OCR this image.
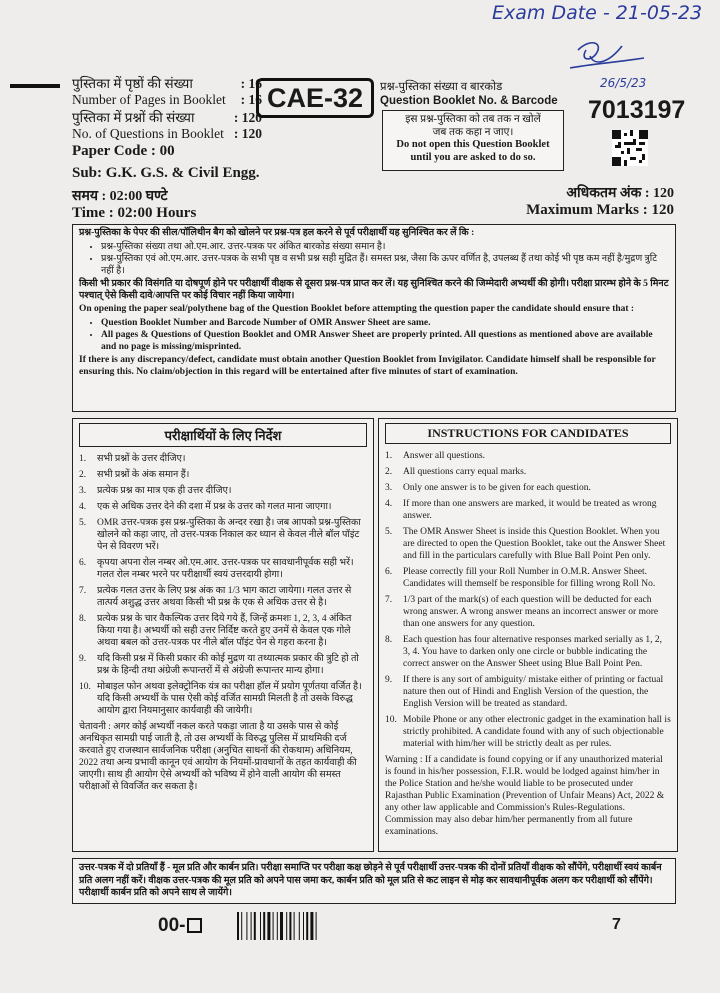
Exam Date - 21-05-23
26/5/23
पुस्तिका में पृष्ठों की संख्या	: 16
Number of Pages in Booklet : 16
पुस्तिका में प्रश्नों की संख्या	: 120
No. of Questions in Booklet : 120
Paper Code : 00
Sub: G.K. G.S. & Civil Engg.
समय : 02:00 घण्टे
Time : 02:00 Hours
CAE-32	प्रश्न-पुस्तिका संख्या व बारकोड
Question Booklet No. & Barcode 7013197
इस प्रश्न-पुस्तिका को तब तक न खोलें
जब तक कहा न जाए।
Do not open this Question Booklet
until you are asked to do so.
अधिकतम अंक : 120
Maximum Marks : 120
प्रश्न-पुस्तिका के पेपर की सील/पॉलिथीन बैग को खोलने पर प्रश्न-पत्र हल करने से पूर्व परीक्षार्थी यह सुनिश्चित कर लें कि :
• प्रश्न-पुस्तिका संख्या तथा ओ.एम.आर. उत्तर-पत्रक पर अंकित बारकोड संख्या समान है।
• प्रश्न-पुस्तिका एवं ओ.एम.आर. उत्तर-पत्रक के सभी पृष्ठ व सभी प्रश्न सही मुद्रित हैं। समस्त प्रश्न, जैसा कि ऊपर वर्णित है, उपलब्ध हैं तथा कोई भी पृष्ठ कम नहीं है/मुद्रण त्रुटि नहीं है।
किसी भी प्रकार की विसंगति या दोषपूर्ण होने पर परीक्षार्थी वीक्षक से दूसरा प्रश्न-पत्र प्राप्त कर लें। यह सुनिश्चित करने की जिम्मेदारी अभ्यर्थी की होगी। परीक्षा प्रारम्भ होने के 5 मिनट पश्चात् ऐसे किसी दावे/आपत्ति पर कोई विचार नहीं किया जायेगा।
On opening the paper seal/polythene bag of the Question Booklet before attempting the question paper the candidate should ensure that :
• Question Booklet Number and Barcode Number of OMR Answer Sheet are same.
• All pages & Questions of Question Booklet and OMR Answer Sheet are properly printed. All questions as mentioned above are available and no page is missing/misprinted.
If there is any discrepancy/defect, candidate must obtain another Question Booklet from Invigilator. Candidate himself shall be responsible for ensuring this. No claim/objection in this regard will be entertained after five minutes of start of examination.
परीक्षार्थियों के लिए निर्देश
1.	सभी प्रश्नों के उत्तर दीजिए।
2.	सभी प्रश्नों के अंक समान हैं।
3.	प्रत्येक प्रश्न का मात्र एक ही उत्तर दीजिए।
4.	एक से अधिक उत्तर देने की दशा में प्रश्न के उत्तर को गलत माना जाएगा।
5.	OMR उत्तर-पत्रक इस प्रश्न-पुस्तिका के अन्दर रखा है। जब आपको प्रश्न-पुस्तिका खोलने को कहा जाए, तो उत्तर-पत्रक निकाल कर ध्यान से केवल नीले बॉल पॉइंट पेन से विवरण भरें।
6.	कृपया अपना रोल नम्बर ओ.एम.आर. उत्तर-पत्रक पर सावधानीपूर्वक सही भरें। गलत रोल नम्बर भरने पर परीक्षार्थी स्वयं उत्तरदायी होगा।
7.	प्रत्येक गलत उत्तर के लिए प्रश्न अंक का 1/3 भाग काटा जायेगा। गलत उत्तर से तात्पर्य अशुद्ध उत्तर अथवा किसी भी प्रश्न के एक से अधिक उत्तर से है।
8.	प्रत्येक प्रश्न के चार वैकल्पिक उत्तर दिये गये हैं, जिन्हें क्रमशः 1, 2, 3, 4 अंकित किया गया है। अभ्यर्थी को सही उत्तर निर्दिष्ट करते हुए उनमें से केवल एक गोले अथवा बबल को उत्तर-पत्रक पर नीले बॉल पॉइंट पेन से गहरा करना है।
9.	यदि किसी प्रश्न में किसी प्रकार की कोई मुद्रण या तथ्यात्मक प्रकार की त्रुटि हो तो प्रश्न के हिन्दी तथा अंग्रेजी रूपान्तरों में से अंग्रेजी रूपान्तर मान्य होगा।
10. मोबाइल फोन अथवा इलेक्ट्रोनिक यंत्र का परीक्षा हॉल में प्रयोग पूर्णतया वर्जित है। यदि किसी अभ्यर्थी के पास ऐसी कोई वर्जित सामग्री मिलती है तो उसके विरुद्ध आयोग द्वारा नियमानुसार कार्यवाही की जायेगी।
चेतावनी : अगर कोई अभ्यर्थी नकल करते पकड़ा जाता है या उसके पास से कोई अनधिकृत सामग्री पाई जाती है, तो उस अभ्यर्थी के विरुद्ध पुलिस में प्राथमिकी दर्ज करवाते हुए राजस्थान सार्वजनिक परीक्षा (अनुचित साधनों की रोकथाम) अधिनियम, 2022 तथा अन्य प्रभावी कानून एवं आयोग के नियमों-प्रावधानों के तहत कार्यवाही की जाएगी। साथ ही आयोग ऐसे अभ्यर्थी को भविष्य में होने वाली आयोग की समस्त परीक्षाओं से विवर्जित कर सकता है।
INSTRUCTIONS FOR CANDIDATES
1.	Answer all questions.
2.	All questions carry equal marks.
3.	Only one answer is to be given for each question.
4.	If more than one answers are marked, it would be treated as wrong answer.
5.	The OMR Answer Sheet is inside this Question Booklet. When you are directed to open the Question Booklet, take out the Answer Sheet and fill in the particulars carefully with Blue Ball Point Pen only.
6.	Please correctly fill your Roll Number in O.M.R. Answer Sheet. Candidates will themself be responsible for filling wrong Roll No.
7.	1/3 part of the mark(s) of each question will be deducted for each wrong answer. A wrong answer means an incorrect answer or more than one answers for any question.
8.	Each question has four alternative responses marked serially as 1, 2, 3, 4. You have to darken only one circle or bubble indicating the correct answer on the Answer Sheet using Blue Ball Point Pen.
9.	If there is any sort of ambiguity/ mistake either of printing or factual nature then out of Hindi and English Version of the question, the English Version will be treated as standard.
10. Mobile Phone or any other electronic gadget in the examination hall is strictly prohibited. A candidate found with any of such objectionable material with him/her will be strictly dealt as per rules.
Warning : If a candidate is found copying or if any unauthorized material is found in his/her possession, F.I.R. would be lodged against him/her in the Police Station and he/she would liable to be prosecuted under Rajasthan Public Examination (Prevention of Unfair Means) Act, 2022 & any other law applicable and Commission's Rules-Regulations. Commission may also debar him/her permanently from all future examinations.
उत्तर-पत्रक में दो प्रतियाँ हैं - मूल प्रति और कार्बन प्रति। परीक्षा समाप्ति पर परीक्षा कक्ष छोड़ने से पूर्व परीक्षार्थी उत्तर-पत्रक की दोनों प्रतियाँ वीक्षक को सौंपेंगे, परीक्षार्थी स्वयं कार्बन प्रति अलग नहीं करें। वीक्षक उत्तर-पत्रक की मूल प्रति को अपने पास जमा कर, कार्बन प्रति को मूल प्रति से कट लाइन से मोड़ कर सावधानीपूर्वक अलग कर परीक्षार्थी को सौंपेंगे। परीक्षार्थी कार्बन प्रति को अपने साथ ले जायेंगे।
00-	7
